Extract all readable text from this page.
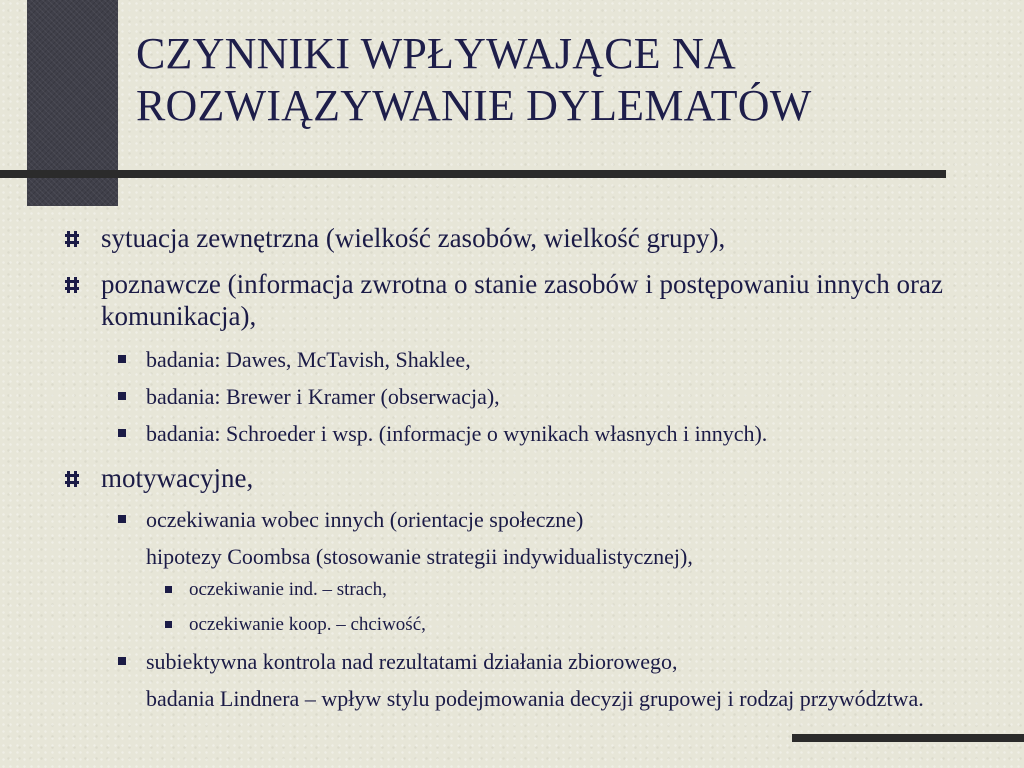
CZYNNIKI WPŁYWAJĄCE NA
ROZWIĄZYWANIE DYLEMATÓW
sytuacja zewnętrzna (wielkość zasobów, wielkość grupy),
poznawcze (informacja zwrotna o stanie zasobów i postępowaniu innych oraz komunikacja),
badania: Dawes, McTavish, Shaklee,
badania: Brewer i Kramer (obserwacja),
badania: Schroeder i wsp. (informacje o wynikach własnych i innych).
motywacyjne,
oczekiwania wobec innych (orientacje społeczne)
hipotezy Coombsa (stosowanie strategii indywidualistycznej),
oczekiwanie ind. – strach,
oczekiwanie koop. – chciwość,
subiektywna kontrola nad rezultatami działania zbiorowego,
badania Lindnera – wpływ stylu podejmowania decyzji grupowej i rodzaj przywództwa.
